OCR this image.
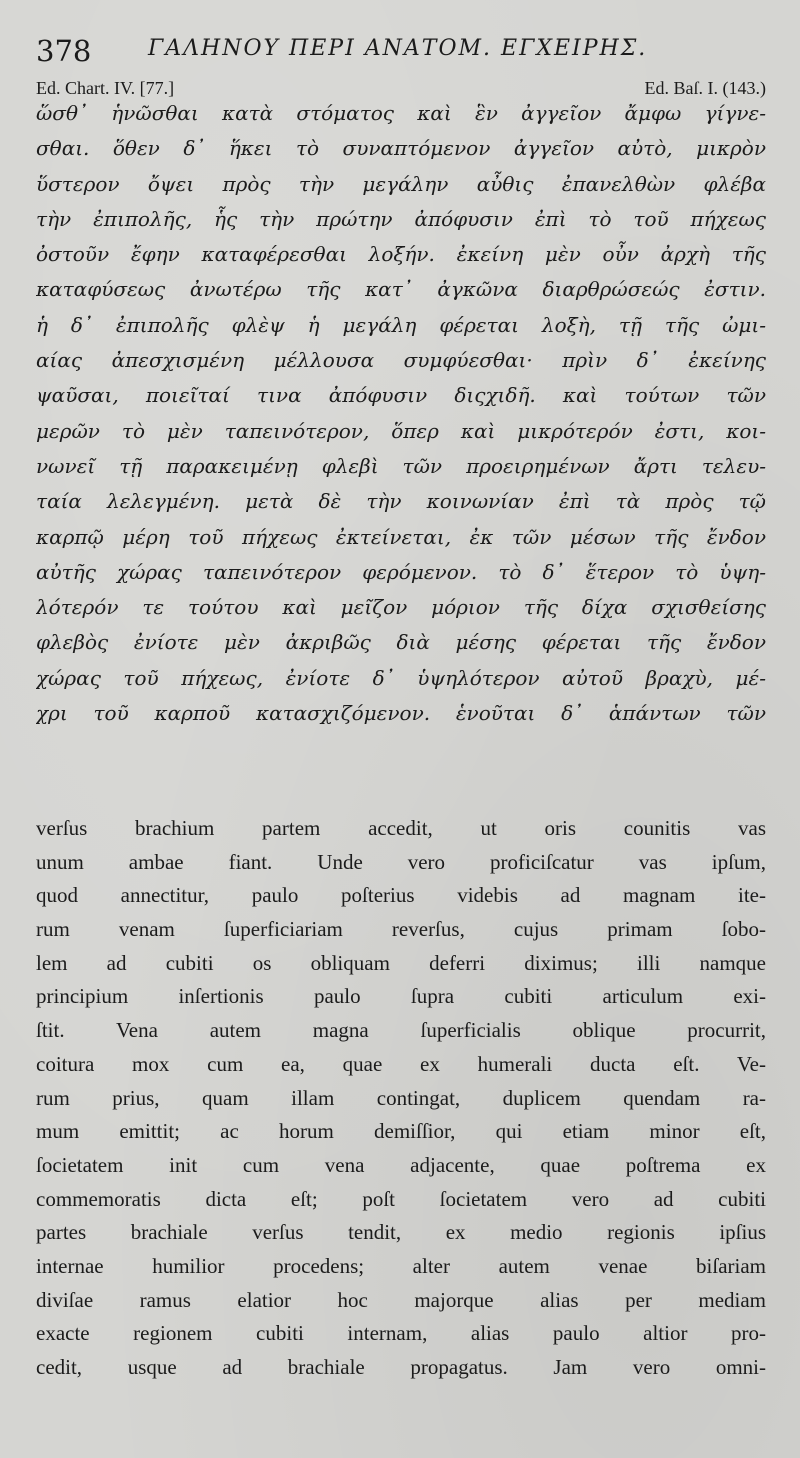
378	ΓΑΛΗΝΟΥ ΠΕΡΙ ΑΝΑΤΟΜ. ΕΓΧΕΙΡΗΣ.
Ed. Chart. IV. [77.]	Ed. Baſ. I. (143.)
ὥσθ᾽ ἡνῶσθαι κατὰ στόματος καὶ ἓν ἀγγεῖον ἄμφω γίγνε-
σθαι. ὅθεν δ᾽ ἥκει τὸ συναπτόμενον ἀγγεῖον αὐτὸ, μικρὸν
ὕστερον ὄψει πρὸς τὴν μεγάλην αὖθις ἐπανελθὼν φλέβα
τὴν ἐπιπολῆς, ἧς τὴν πρώτην ἀπόφυσιν ἐπὶ τὸ τοῦ πήχεως
ὀστοῦν ἔφην καταφέρεσθαι λοξήν. ἐκείνη μὲν οὖν ἀρχὴ τῆς
καταφύσεως ἀνωτέρω τῆς κατ᾽ ἀγκῶνα διαρθρώσεώς ἐστιν.
ἡ δ᾽ ἐπιπολῆς φλὲψ ἡ μεγάλη φέρεται λοξὴ, τῇ τῆς ὠμι-
αίας ἀπεσχισμένη μέλλουσα συμφύεσθαι· πρὶν δ᾽ ἐκείνης
ψαῦσαι, ποιεῖταί τινα ἀπόφυσιν διςχιδῆ. καὶ τούτων τῶν
μερῶν τὸ μὲν ταπεινότερον, ὅπερ καὶ μικρότερόν ἐστι, κοι-
νωνεῖ τῇ παρακειμένῃ φλεβὶ τῶν προειρημένων ἄρτι τελευ-
ταία λελεγμένη. μετὰ δὲ τὴν κοινωνίαν ἐπὶ τὰ πρὸς τῷ
καρπῷ μέρη τοῦ πήχεως ἐκτείνεται, ἐκ τῶν μέσων τῆς ἔνδον
αὐτῆς χώρας ταπεινότερον φερόμενον. τὸ δ᾽ ἕτερον τὸ ὑψη-
λότερόν τε τούτου καὶ μεῖζον μόριον τῆς δίχα σχισθείσης
φλεβὸς ἐνίοτε μὲν ἀκριβῶς διὰ μέσης φέρεται τῆς ἔνδον
χώρας τοῦ πήχεως, ἐνίοτε δ᾽ ὑψηλότερον αὐτοῦ βραχὺ, μέ-
χρι τοῦ καρποῦ κατασχιζόμενον. ἑνοῦται δ᾽ ἁπάντων τῶν
verſus brachium partem accedit, ut oris counitis vas
unum ambae fiant. Unde vero proficiſcatur vas ipſum,
quod annectitur, paulo poſterius videbis ad magnam ite-
rum venam ſuperficiariam reverſus, cujus primam ſobo-
lem ad cubiti os obliquam deferri diximus; illi namque
principium inſertionis paulo ſupra cubiti articulum exi-
ſtit. Vena autem magna ſuperficialis oblique procurrit,
coitura mox cum ea, quae ex humerali ducta eſt. Ve-
rum prius, quam illam contingat, duplicem quendam ra-
mum emittit; ac horum demiſſior, qui etiam minor eſt,
ſocietatem init cum vena adjacente, quae poſtrema ex
commemoratis dicta eſt; poſt ſocietatem vero ad cubiti
partes brachiale verſus tendit, ex medio regionis ipſius
internae humilior procedens; alter autem venae biſariam
diviſae ramus elatior hoc majorque alias per mediam
exacte regionem cubiti internam, alias paulo altior pro-
cedit, usque ad brachiale propagatus. Jam vero omni-
